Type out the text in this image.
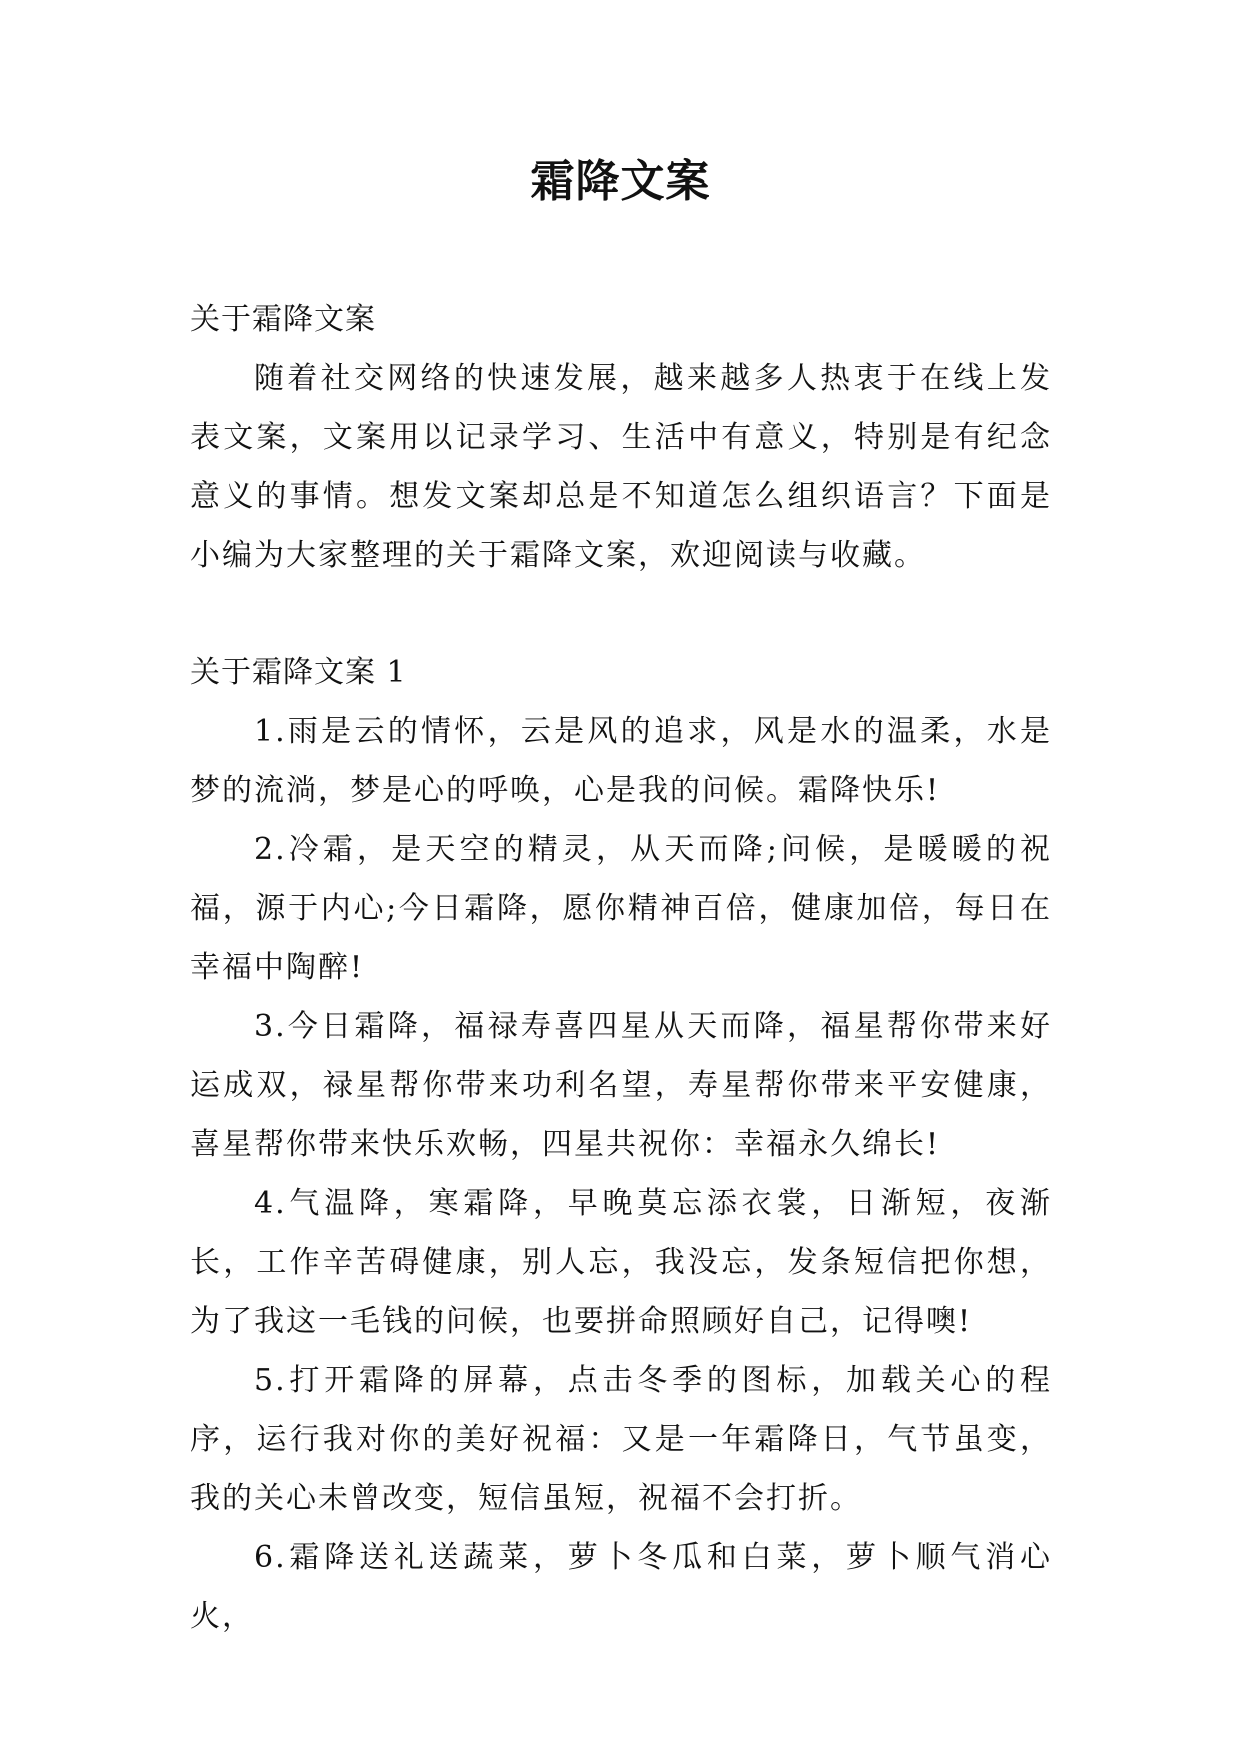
霜降文案

关于霜降文案

随着社交网络的快速发展，越来越多人热衷于在线上发表文案，文案用以记录学习、生活中有意义，特别是有纪念意义的事情。想发文案却总是不知道怎么组织语言？下面是小编为大家整理的关于霜降文案，欢迎阅读与收藏。

关于霜降文案 1

1.雨是云的情怀，云是风的追求，风是水的温柔，水是梦的流淌，梦是心的呼唤，心是我的问候。霜降快乐!

2.冷霜，是天空的精灵，从天而降;问候，是暖暖的祝福，源于内心;今日霜降，愿你精神百倍，健康加倍，每日在幸福中陶醉!

3.今日霜降，福禄寿喜四星从天而降，福星帮你带来好运成双，禄星帮你带来功利名望，寿星帮你带来平安健康，喜星帮你带来快乐欢畅，四星共祝你：幸福永久绵长!

4.气温降，寒霜降，早晚莫忘添衣裳，日渐短，夜渐长，工作辛苦碍健康，别人忘，我没忘，发条短信把你想，为了我这一毛钱的问候，也要拼命照顾好自己，记得噢!

5.打开霜降的屏幕，点击冬季的图标，加载关心的程序，运行我对你的美好祝福：又是一年霜降日，气节虽变，我的关心未曾改变，短信虽短，祝福不会打折。

6.霜降送礼送蔬菜，萝卜冬瓜和白菜，萝卜顺气消心火，
